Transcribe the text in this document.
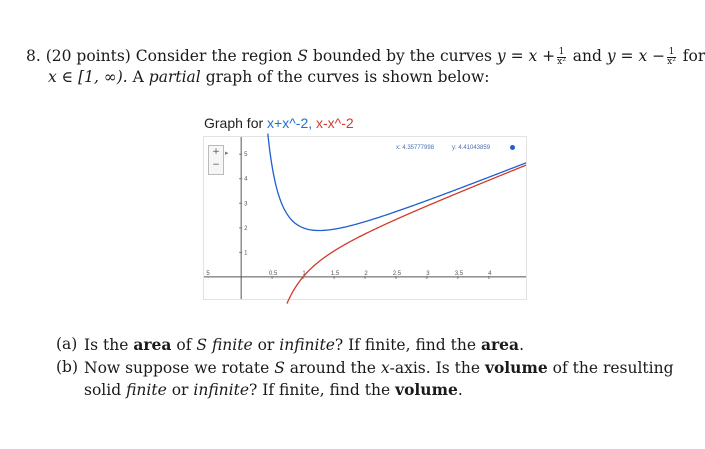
8. (20 points) Consider the region S bounded by the curves $y = x + \frac{1}{\text{x²}}$ and $y = x - \frac{1}{\text{x²}}$ for
x ∈ [1, ∞). A partial graph of the curves is shown below:
Graph for x+x^-2, x-x^-2
5	0.5	1	1.5	2	2.5	3	3.5	4
5
4
3
2
1
+
−
▸
x: 4.35777998	y: 4.41043859
(a) Is the area of S finite or infinite? If finite, find the area.
(b) Now suppose we rotate S around the x-axis. Is the volume of the resulting solid finite or infinite? If finite, find the volume.
